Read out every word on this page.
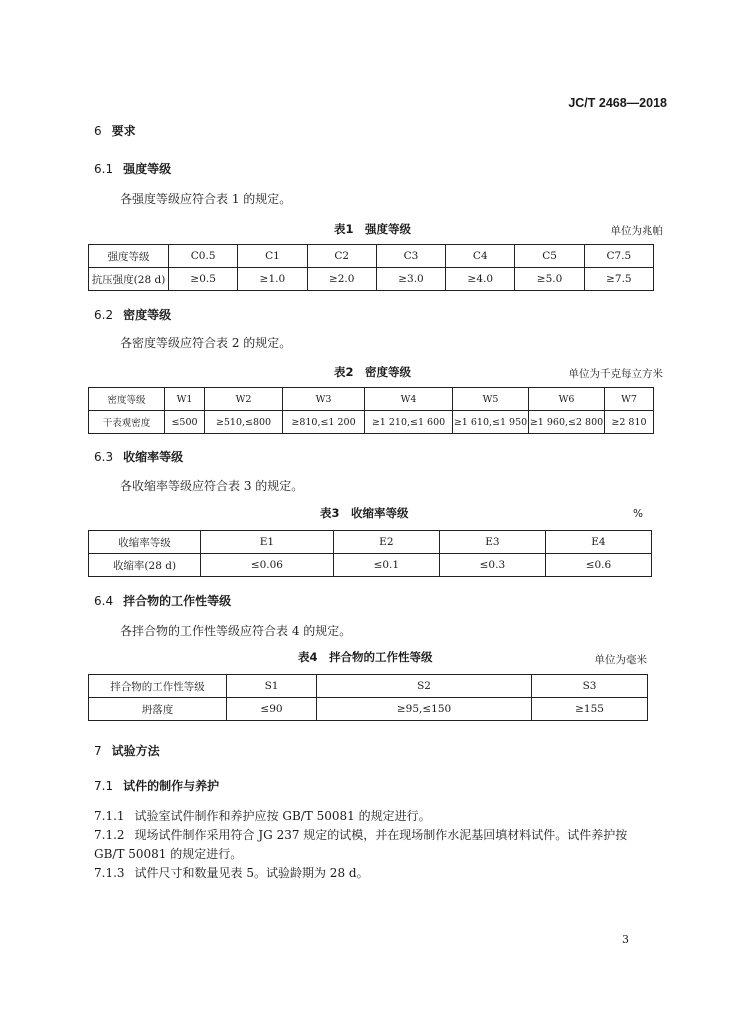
JC/T 2468—2018
6 要求
6.1 强度等级
各强度等级应符合表 1 的规定。
表1　强度等级	单位为兆帕
强度等级	C0.5	C1	C2	C3	C4	C5	C7.5
抗压强度(28 d)	≥0.5	≥1.0	≥2.0	≥3.0	≥4.0	≥5.0	≥7.5
6.2 密度等级
各密度等级应符合表 2 的规定。
表2　密度等级	单位为千克每立方米
密度等级	W1	W2	W3	W4	W5	W6	W7
干表观密度	≤500	≥510,≤800	≥810,≤1 200	≥1 210,≤1 600	≥1 610,≤1 950	≥1 960,≤2 800	≥2 810
6.3 收缩率等级
各收缩率等级应符合表 3 的规定。
表3　收缩率等级	%
收缩率等级	E1	E2	E3	E4
收缩率(28 d)	≤0.06	≤0.1	≤0.3	≤0.6
6.4 拌合物的工作性等级
各拌合物的工作性等级应符合表 4 的规定。
表4　拌合物的工作性等级	单位为毫米
拌合物的工作性等级	S1	S2	S3
坍落度	≤90	≥95,≤150	≥155
7 试验方法
7.1 试件的制作与养护
7.1.1 试验室试件制作和养护应按 GB/T 50081 的规定进行。
7.1.2 现场试件制作采用符合 JG 237 规定的试模，并在现场制作水泥基回填材料试件。试件养护按
GB/T 50081 的规定进行。
7.1.3 试件尺寸和数量见表 5。试验龄期为 28 d。
3
